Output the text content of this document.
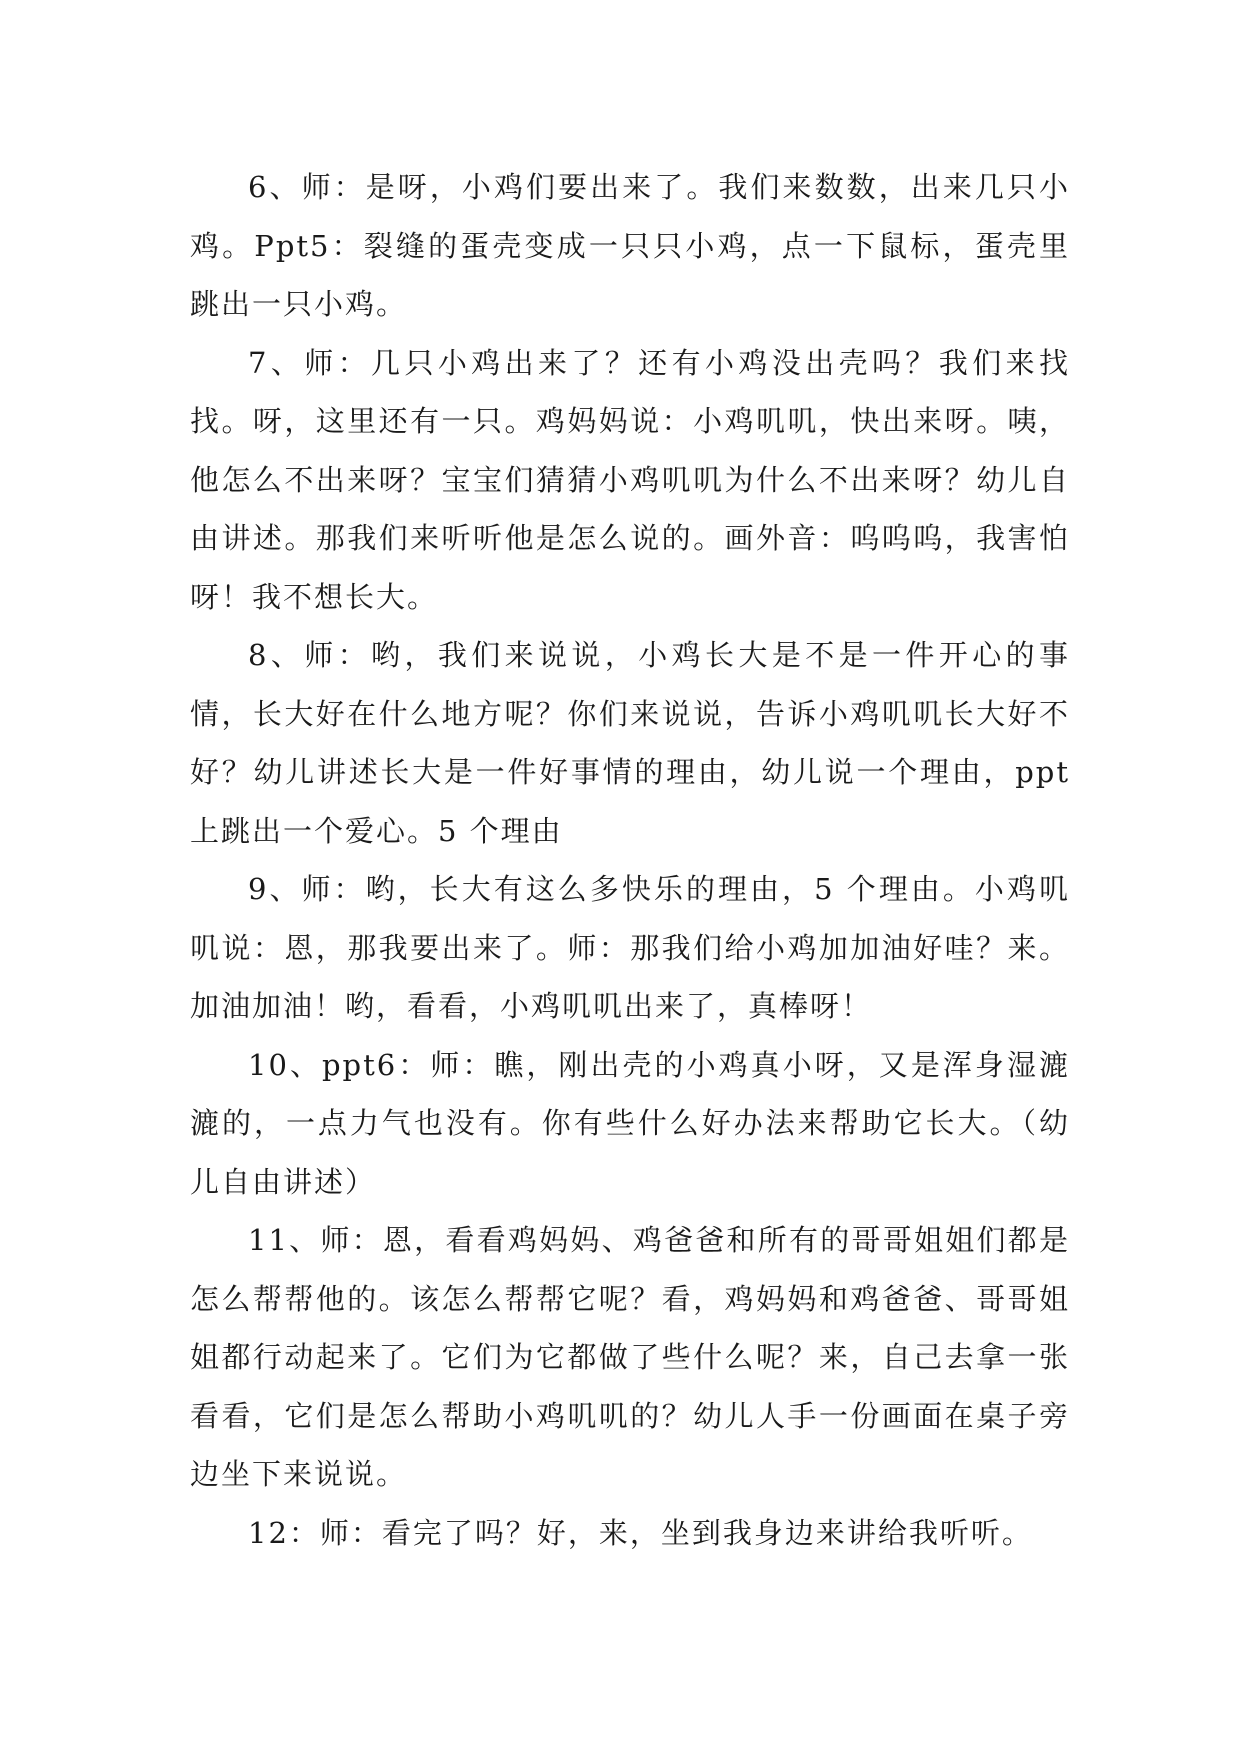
6、师：是呀，小鸡们要出来了。我们来数数，出来几只小鸡。Ppt5：裂缝的蛋壳变成一只只小鸡，点一下鼠标，蛋壳里跳出一只小鸡。

7、师：几只小鸡出来了？还有小鸡没出壳吗？我们来找找。呀，这里还有一只。鸡妈妈说：小鸡叽叽，快出来呀。咦，他怎么不出来呀？宝宝们猜猜小鸡叽叽为什么不出来呀？幼儿自由讲述。那我们来听听他是怎么说的。画外音：呜呜呜，我害怕呀！我不想长大。

8、师：哟，我们来说说，小鸡长大是不是一件开心的事情，长大好在什么地方呢？你们来说说，告诉小鸡叽叽长大好不好？幼儿讲述长大是一件好事情的理由，幼儿说一个理由，ppt 上跳出一个爱心。5 个理由

9、师：哟，长大有这么多快乐的理由，5 个理由。小鸡叽叽说：恩，那我要出来了。师：那我们给小鸡加加油好哇？来。加油加油！哟，看看，小鸡叽叽出来了，真棒呀！

10、ppt6：师：瞧，刚出壳的小鸡真小呀，又是浑身湿漉漉的，一点力气也没有。你有些什么好办法来帮助它长大。（幼儿自由讲述）

11、师：恩，看看鸡妈妈、鸡爸爸和所有的哥哥姐姐们都是怎么帮帮他的。该怎么帮帮它呢？看，鸡妈妈和鸡爸爸、哥哥姐姐都行动起来了。它们为它都做了些什么呢？来，自己去拿一张看看，它们是怎么帮助小鸡叽叽的？幼儿人手一份画面在桌子旁边坐下来说说。

12：师：看完了吗？好，来，坐到我身边来讲给我听听。
